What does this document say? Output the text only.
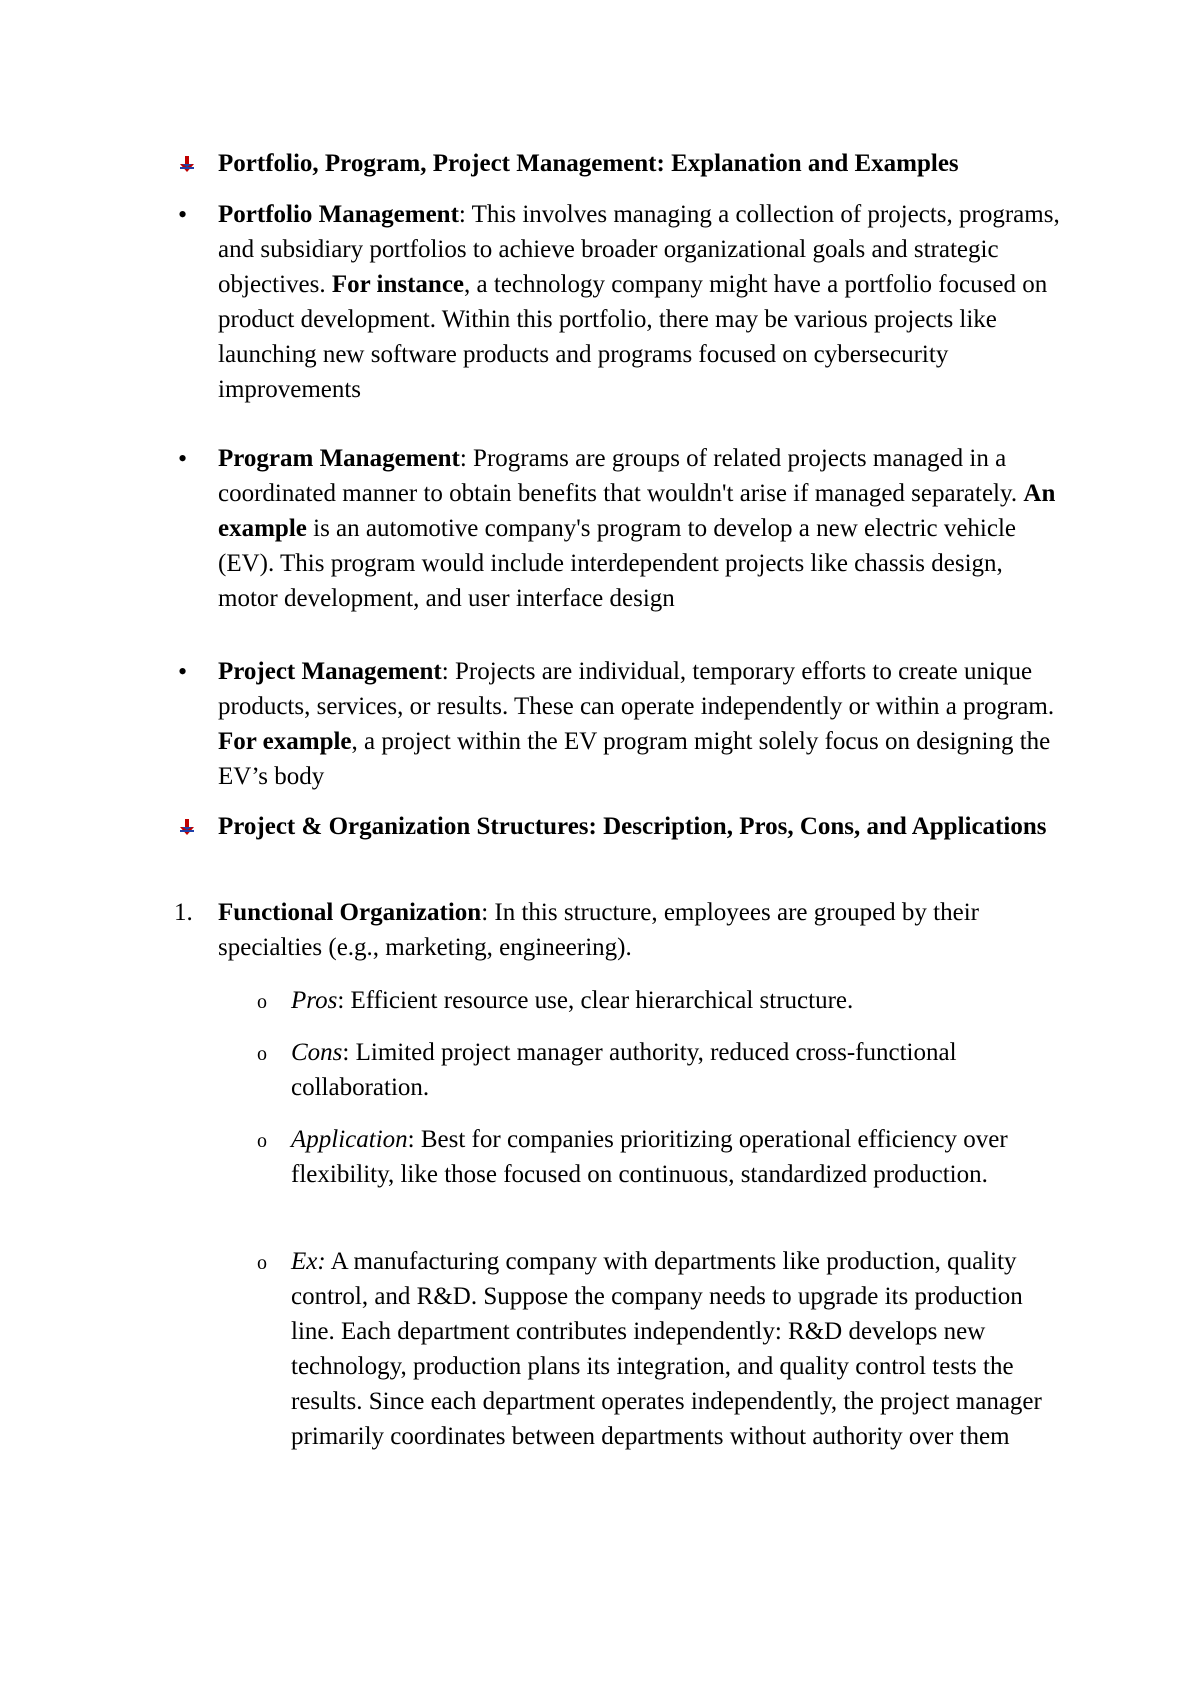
Portfolio, Program, Project Management: Explanation and Examples
•	Portfolio Management: This involves managing a collection of projects, programs, and subsidiary portfolios to achieve broader organizational goals and strategic objectives. For instance, a technology company might have a portfolio focused on product development. Within this portfolio, there may be various projects like launching new software products and programs focused on cybersecurity improvements
•	Program Management: Programs are groups of related projects managed in a coordinated manner to obtain benefits that wouldn't arise if managed separately. An example is an automotive company's program to develop a new electric vehicle (EV). This program would include interdependent projects like chassis design, motor development, and user interface design
•	Project Management: Projects are individual, temporary efforts to create unique products, services, or results. These can operate independently or within a program. For example, a project within the EV program might solely focus on designing the EV’s body
Project & Organization Structures: Description, Pros, Cons, and Applications
1.	Functional Organization: In this structure, employees are grouped by their specialties (e.g., marketing, engineering).
o Pros: Efficient resource use, clear hierarchical structure.
o Cons: Limited project manager authority, reduced cross-functional collaboration.
o Application: Best for companies prioritizing operational efficiency over flexibility, like those focused on continuous, standardized production.
o Ex: A manufacturing company with departments like production, quality control, and R&D. Suppose the company needs to upgrade its production line. Each department contributes independently: R&D develops new technology, production plans its integration, and quality control tests the results. Since each department operates independently, the project manager primarily coordinates between departments without authority over them
